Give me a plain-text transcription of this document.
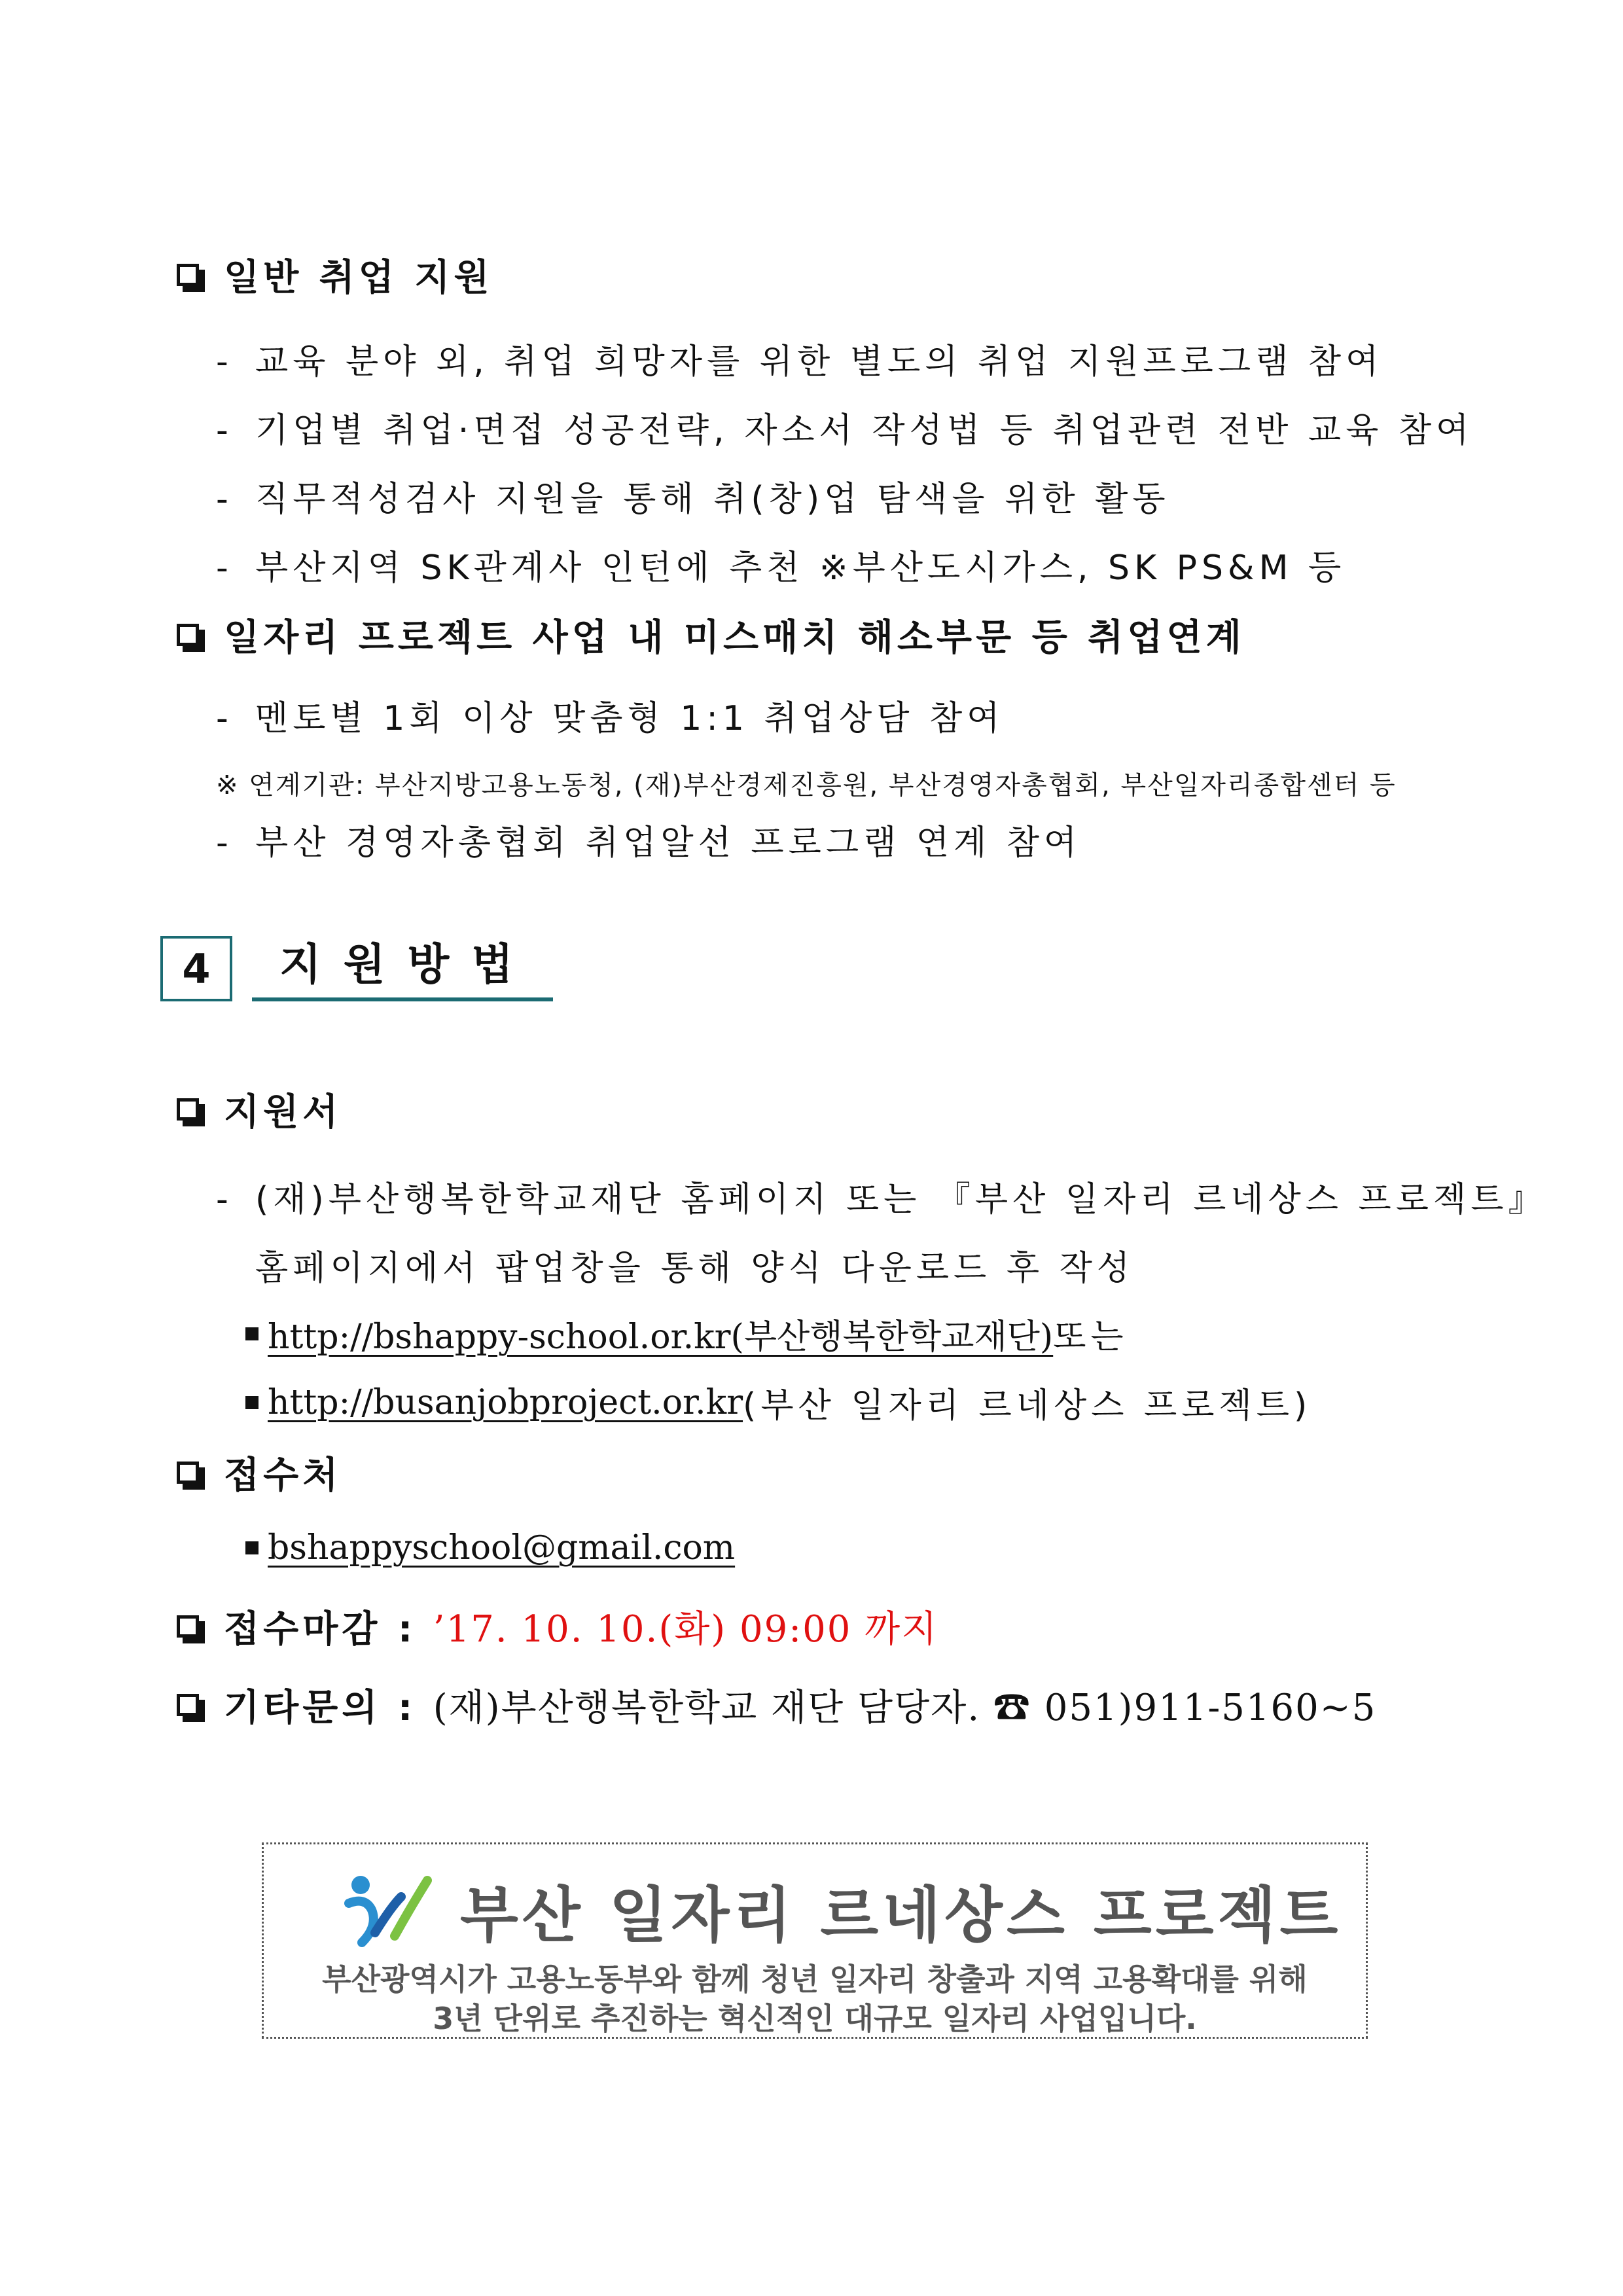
일반 취업 지원
- 교육 분야 외, 취업 희망자를 위한 별도의 취업 지원프로그램 참여
- 기업별 취업·면접 성공전략, 자소서 작성법 등 취업관련 전반 교육 참여
- 직무적성검사 지원을 통해 취(창)업 탐색을 위한 활동
- 부산지역 SK관계사 인턴에 추천 ※부산도시가스, SK PS&M 등
일자리 프로젝트 사업 내 미스매치 해소부문 등 취업연계
- 멘토별 1회 이상 맞춤형 1:1 취업상담 참여
※ 연계기관: 부산지방고용노동청, (재)부산경제진흥원, 부산경영자총협회, 부산일자리종합센터 등
- 부산 경영자총협회 취업알선 프로그램 연계 참여
4	지원방법
지원서
- (재)부산행복한학교재단 홈페이지 또는 『부산 일자리 르네상스 프로젝트』
홈페이지에서 팝업창을 통해 양식 다운로드 후 작성
http://bshappy-school.or.kr(부산행복한학교재단) 또는
http://busanjobproject.or.kr (부산 일자리 르네상스 프로젝트)
접수처
bshappyschool@gmail.com
접수마감 : ’17. 10. 10.(화) 09:00 까지
기타문의 : (재)부산행복한학교 재단 담당자. ☎ 051)911-5160~5
부산 일자리 르네상스 프로젝트
부산광역시가 고용노동부와 함께 청년 일자리 창출과 지역 고용확대를 위해
3년 단위로 추진하는 혁신적인 대규모 일자리 사업입니다.
